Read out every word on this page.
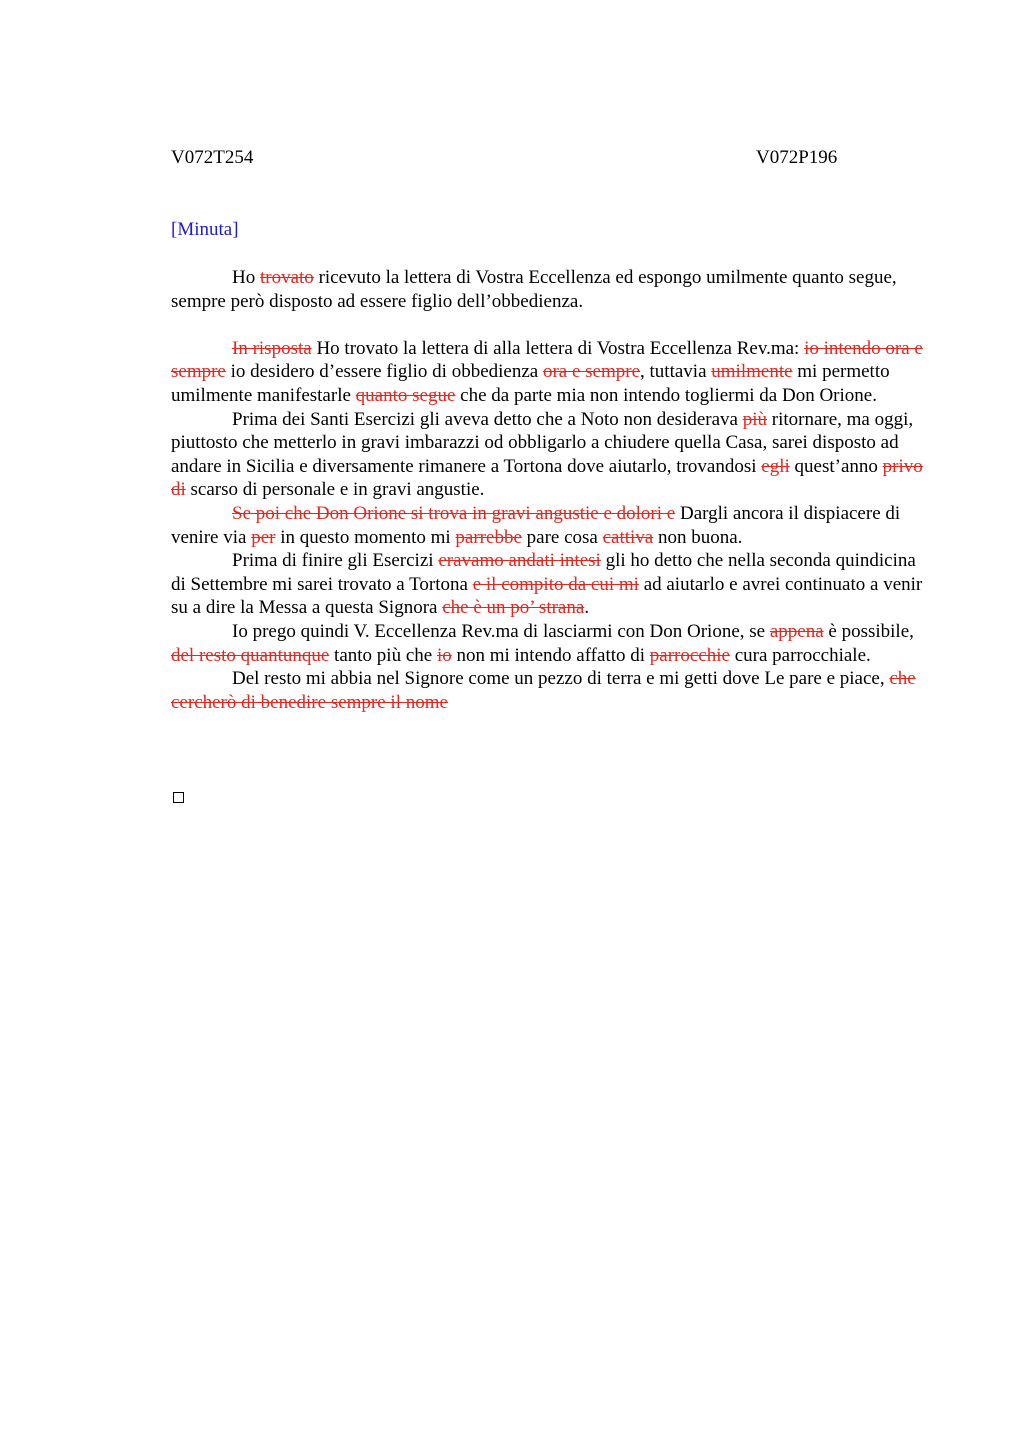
V072T254	V072P196
[Minuta]

Ho trovato ricevuto la lettera di Vostra Eccellenza ed espongo umilmente quanto segue, sempre però disposto ad essere figlio dell’obbedienza.

In risposta Ho trovato la lettera di alla lettera di Vostra Eccellenza Rev.ma: io intendo ora e sempre io desidero d’essere figlio di obbedienza ora e sempre, tuttavia umilmente mi permetto umilmente manifestarle quanto segue che da parte mia non intendo togliermi da Don Orione.

Prima dei Santi Esercizi gli aveva detto che a Noto non desiderava più ritornare, ma oggi, piuttosto che metterlo in gravi imbarazzi od obbligarlo a chiudere quella Casa, sarei disposto ad andare in Sicilia e diversamente rimanere a Tortona dove aiutarlo, trovandosi egli quest’anno privo di scarso di personale e in gravi angustie.

Se poi che Don Orione si trova in gravi angustie e dolori e Dargli ancora il dispiacere di venire via per in questo momento mi parrebbe pare cosa cattiva non buona.

Prima di finire gli Esercizi eravamo andati intesi gli ho detto che nella seconda quindicina di Settembre mi sarei trovato a Tortona e il compito da cui mi ad aiutarlo e avrei continuato a venir su a dire la Messa a questa Signora che è un po’ strana.

Io prego quindi V. Eccellenza Rev.ma di lasciarmi con Don Orione, se appena è possibile, del resto quantunque tanto più che io non mi intendo affatto di parrocchie cura parrocchiale.

Del resto mi abbia nel Signore come un pezzo di terra e mi getti dove Le pare e piace, che cercherò di benedire sempre il nome
